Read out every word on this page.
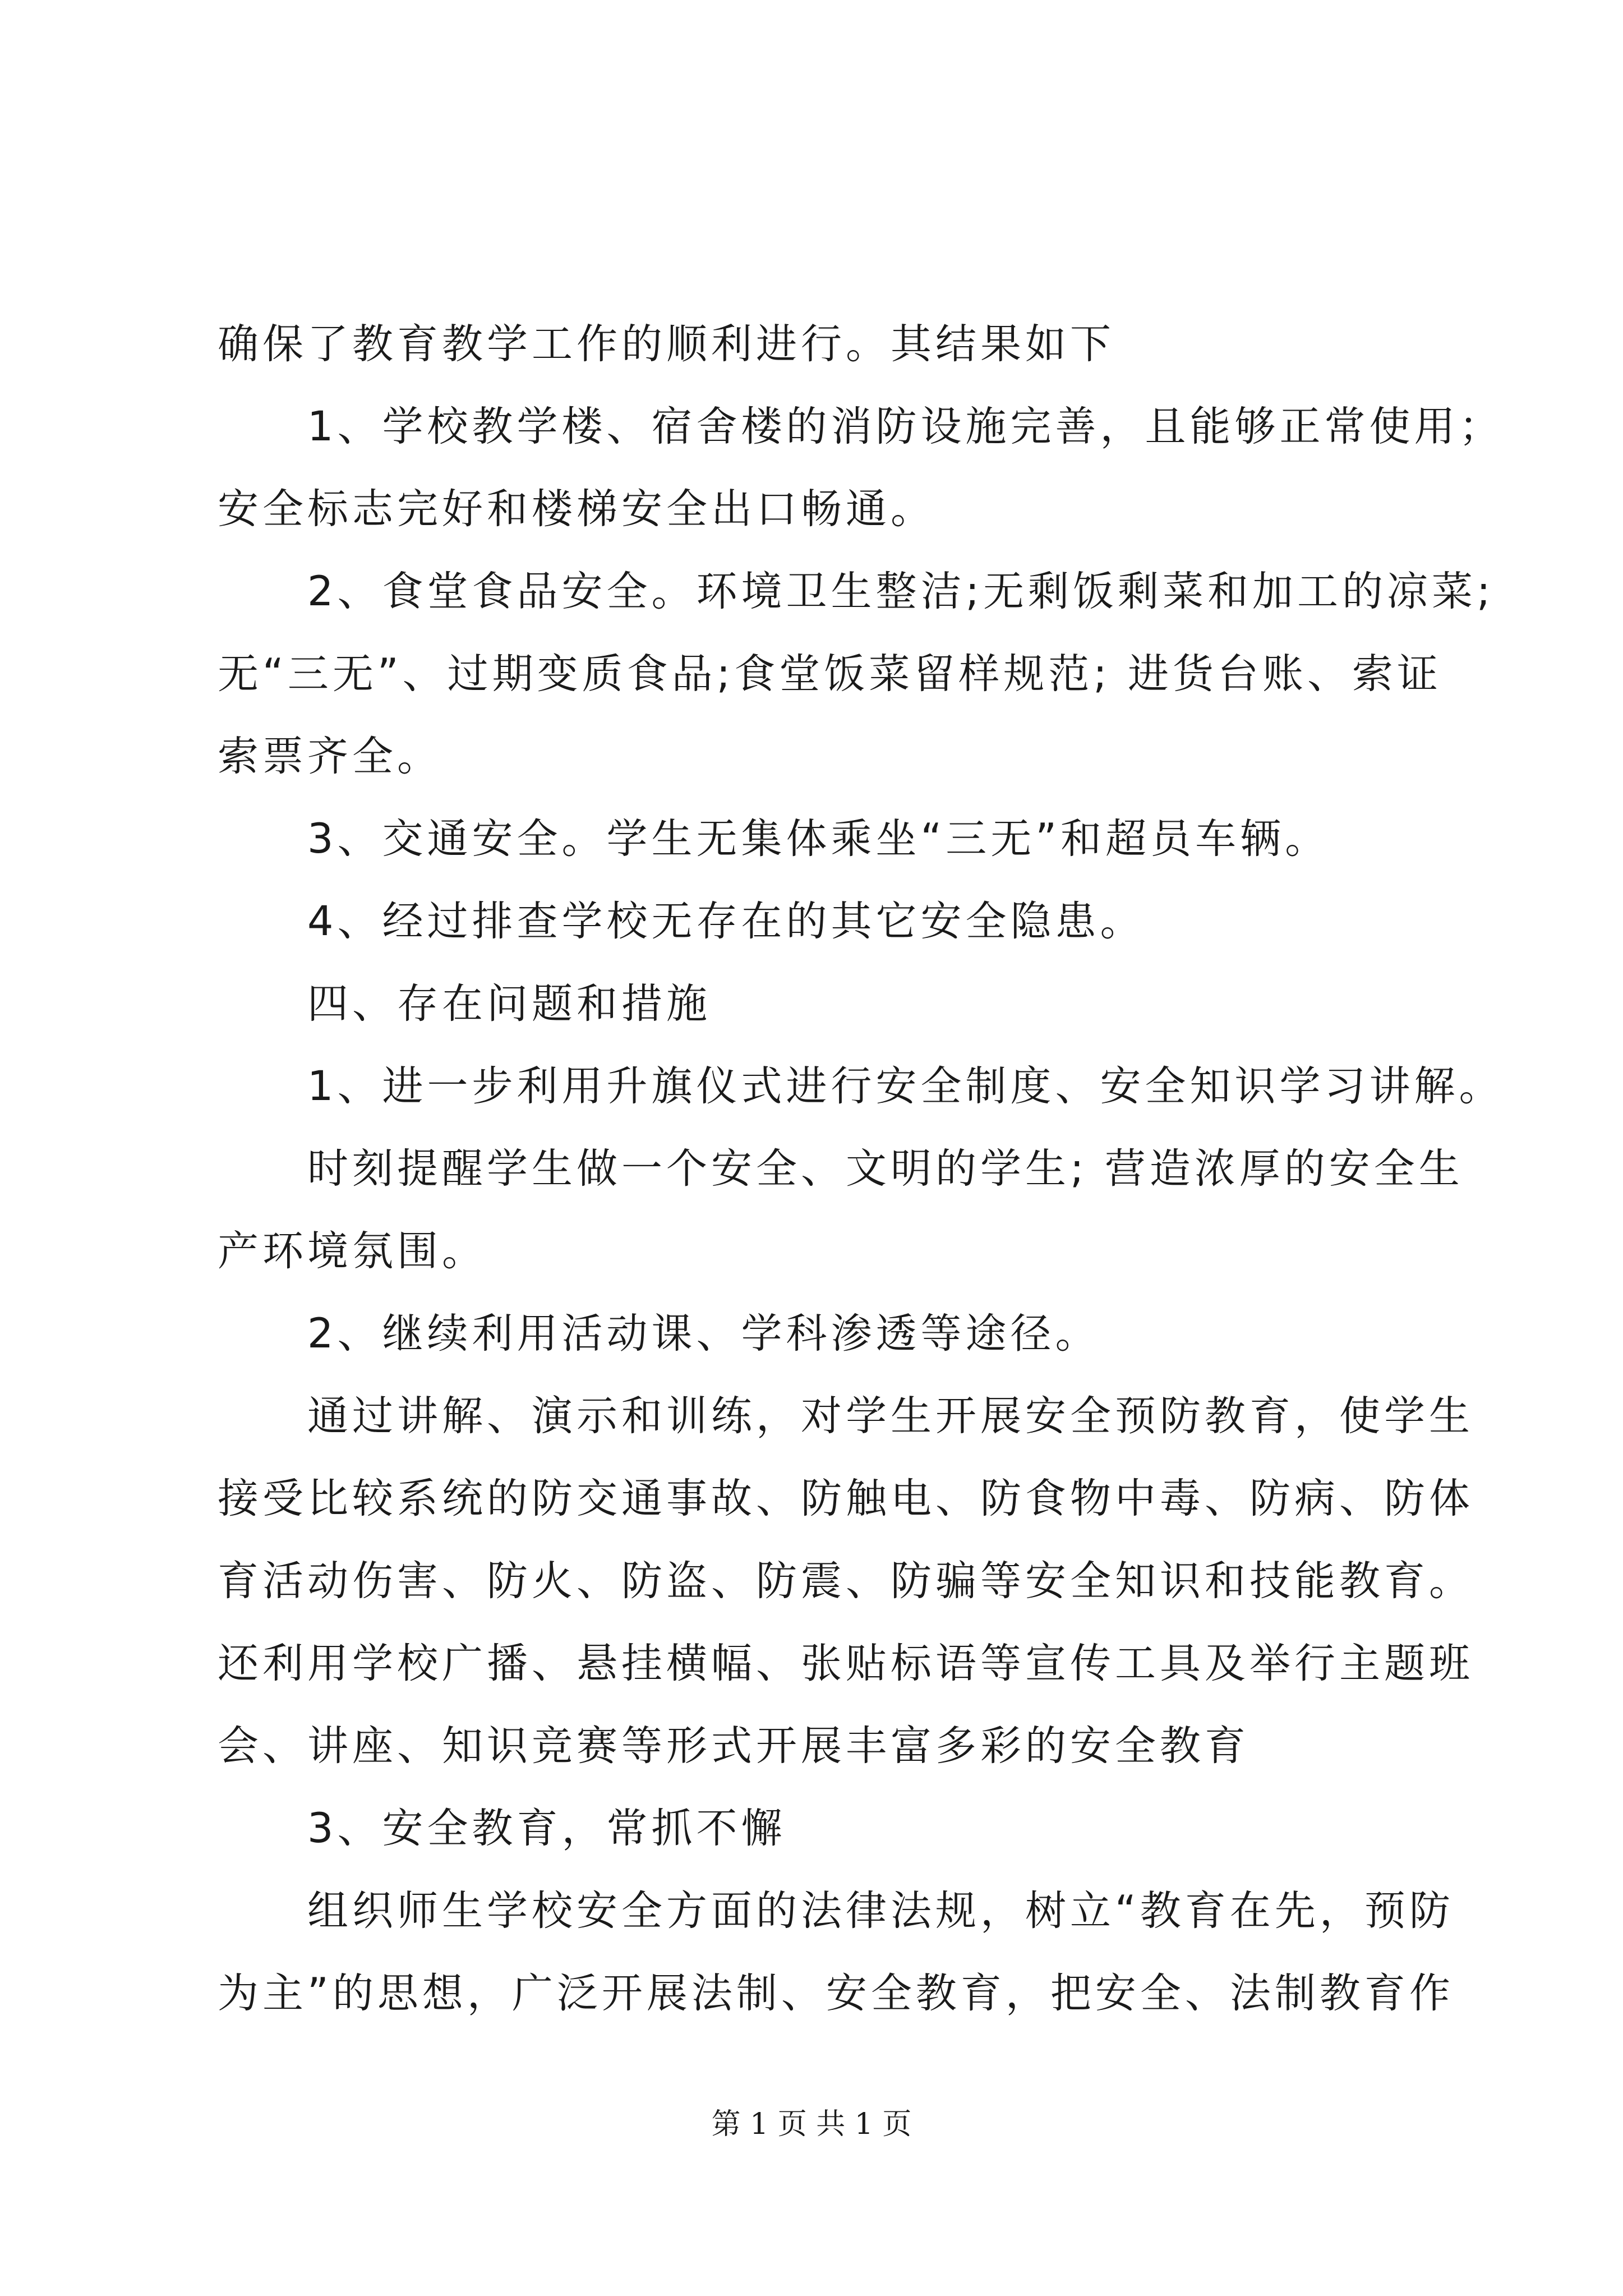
确保了教育教学工作的顺利进行。其结果如下

1、学校教学楼、宿舍楼的消防设施完善，且能够正常使用；

安全标志完好和楼梯安全出口畅通。

2、食堂食品安全。环境卫生整洁;无剩饭剩菜和加工的凉菜;

无“三无”、过期变质食品;食堂饭菜留样规范; 进货台账、索证

索票齐全。

3、交通安全。学生无集体乘坐“三无”和超员车辆。

4、经过排查学校无存在的其它安全隐患。

四、存在问题和措施

1、进一步利用升旗仪式进行安全制度、安全知识学习讲解。

时刻提醒学生做一个安全、文明的学生; 营造浓厚的安全生

产环境氛围。

2、继续利用活动课、学科渗透等途径。

通过讲解、演示和训练，对学生开展安全预防教育，使学生

接受比较系统的防交通事故、防触电、防食物中毒、防病、防体

育活动伤害、防火、防盗、防震、防骗等安全知识和技能教育。

还利用学校广播、悬挂横幅、张贴标语等宣传工具及举行主题班

会、讲座、知识竞赛等形式开展丰富多彩的安全教育

3、安全教育，常抓不懈

组织师生学校安全方面的法律法规，树立“教育在先，预防

为主”的思想，广泛开展法制、安全教育，把安全、法制教育作

第 1 页 共 1 页
